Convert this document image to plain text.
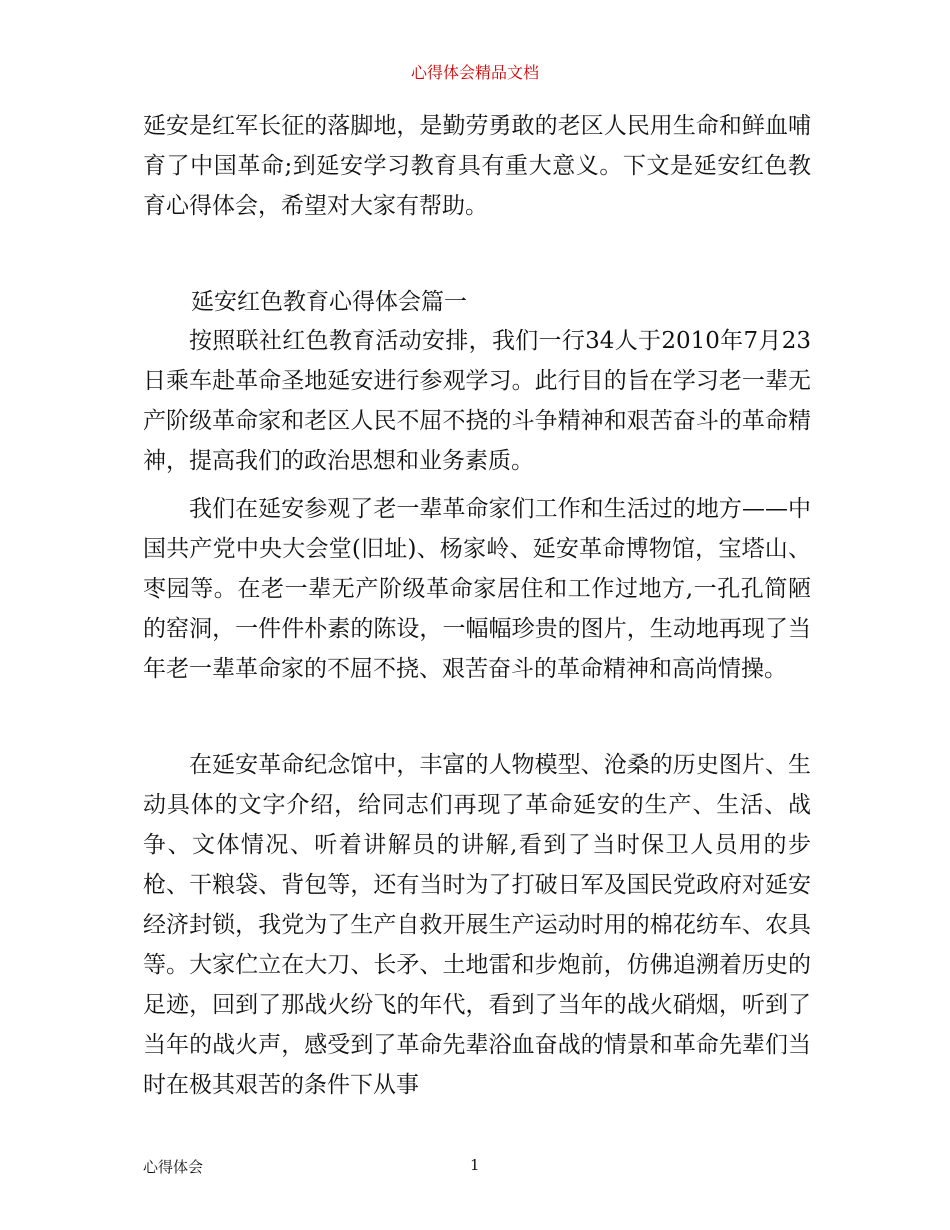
心得体会精品文档

延安是红军长征的落脚地，是勤劳勇敢的老区人民用生命和鲜血哺育了中国革命;到延安学习教育具有重大意义。下文是延安红色教育心得体会，希望对大家有帮助。

延安红色教育心得体会篇一

按照联社红色教育活动安排，我们一行34人于2010年7月23日乘车赴革命圣地延安进行参观学习。此行目的旨在学习老一辈无产阶级革命家和老区人民不屈不挠的斗争精神和艰苦奋斗的革命精神，提高我们的政治思想和业务素质。

我们在延安参观了老一辈革命家们工作和生活过的地方——中国共产党中央大会堂(旧址)、杨家岭、延安革命博物馆，宝塔山、枣园等。在老一辈无产阶级革命家居住和工作过地方,一孔孔简陋的窑洞，一件件朴素的陈设，一幅幅珍贵的图片，生动地再现了当年老一辈革命家的不屈不挠、艰苦奋斗的革命精神和高尚情操。

在延安革命纪念馆中，丰富的人物模型、沧桑的历史图片、生动具体的文字介绍，给同志们再现了革命延安的生产、生活、战争、文体情况、听着讲解员的讲解,看到了当时保卫人员用的步枪、干粮袋、背包等，还有当时为了打破日军及国民党政府对延安经济封锁，我党为了生产自救开展生产运动时用的棉花纺车、农具等。大家伫立在大刀、长矛、土地雷和步炮前，仿佛追溯着历史的足迹，回到了那战火纷飞的年代，看到了当年的战火硝烟，听到了当年的战火声，感受到了革命先辈浴血奋战的情景和革命先辈们当时在极其艰苦的条件下从事

心得体会	1
